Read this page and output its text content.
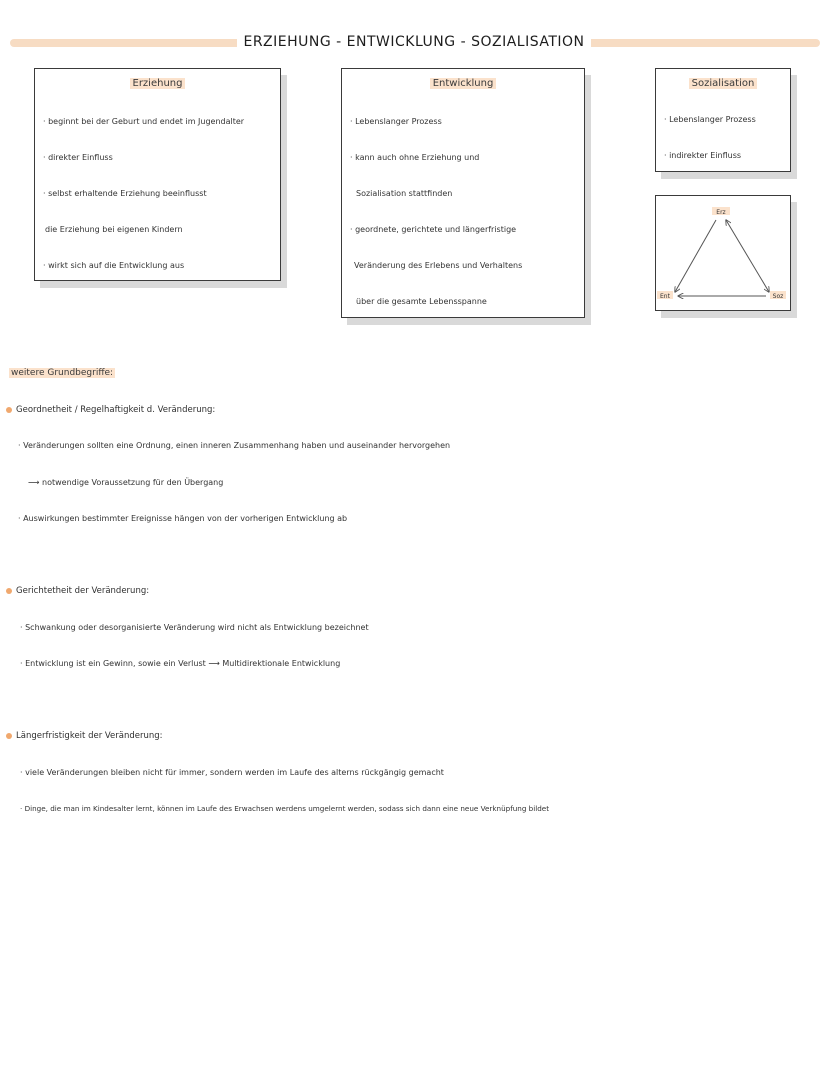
ERZIEHUNG - ENTWICKLUNG - SOZIALISATION
Erziehung
· beginnt bei der Geburt und endet im Jugendalter
· direkter Einfluss
· selbst erhaltende Erziehung beeinflusst
die Erziehung bei eigenen Kindern
· wirkt sich auf die Entwicklung aus
Entwicklung
· Lebenslanger Prozess
· kann auch ohne Erziehung und
Sozialisation stattfinden
· geordnete, gerichtete und längerfristige
Veränderung des Erlebens und Verhaltens
über die gesamte Lebensspanne
Sozialisation
· Lebenslanger Prozess
· indirekter Einfluss
Erz
Ent	Soz
weitere Grundbegriffe:
Geordnetheit / Regelhaftigkeit d. Veränderung:
· Veränderungen sollten eine Ordnung, einen inneren Zusammenhang haben und auseinander hervorgehen
⟶ notwendige Voraussetzung für den Übergang
· Auswirkungen bestimmter Ereignisse hängen von der vorherigen Entwicklung ab
Gerichtetheit der Veränderung:
· Schwankung oder desorganisierte Veränderung wird nicht als Entwicklung bezeichnet
· Entwicklung ist ein Gewinn, sowie ein Verlust ⟶ Multidirektionale Entwicklung
Längerfristigkeit der Veränderung:
· viele Veränderungen bleiben nicht für immer, sondern werden im Laufe des alterns rückgängig gemacht
· Dinge, die man im Kindesalter lernt, können im Laufe des Erwachsen werdens umgelernt werden, sodass sich dann eine neue Verknüpfung bildet
